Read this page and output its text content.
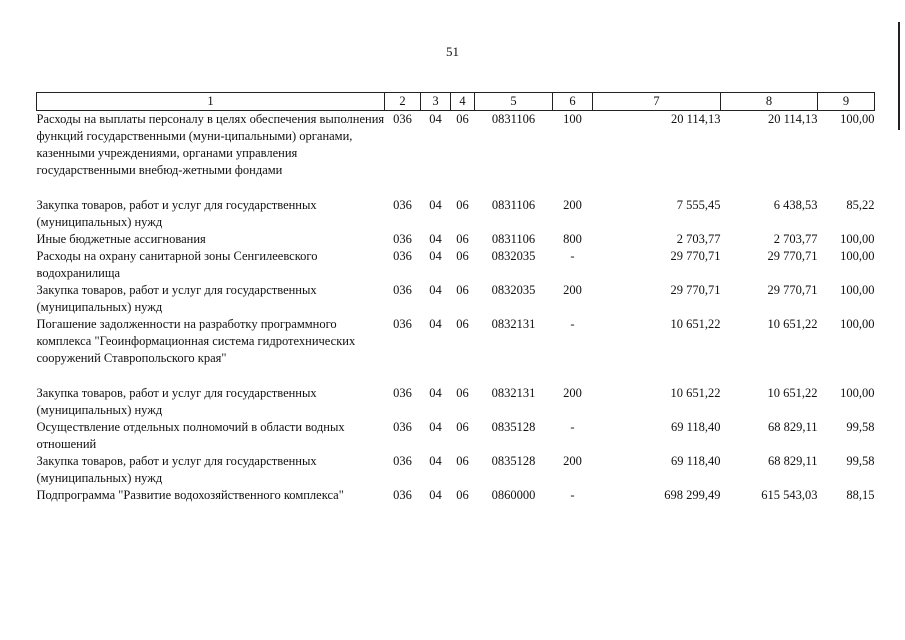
51
1	2	3	4	5	6	7	8	9
Расходы на выплаты персоналу в целях обеспечения выполнения функций государственными (муни-ципальными) органами, казенными учреждениями, органами управления государственными внебюд-жетными фондами	036	04	06	0831106	100	20 114,13	20 114,13	100,00

Закупка товаров, работ и услуг для государственных (муниципальных) нужд	036	04	06	0831106	200	7 555,45	6 438,53	85,22
Иные бюджетные ассигнования	036	04	06	0831106	800	2 703,77	2 703,77	100,00
Расходы на охрану санитарной зоны Сенгилеевского водохранилища	036	04	06	0832035	-	29 770,71	29 770,71	100,00
Закупка товаров, работ и услуг для государственных (муниципальных) нужд	036	04	06	0832035	200	29 770,71	29 770,71	100,00
Погашение задолженности на разработку программного комплекса "Геоинформационная система гидротехнических сооружений Ставропольского края"	036	04	06	0832131	-	10 651,22	10 651,22	100,00

Закупка товаров, работ и услуг для государственных (муниципальных) нужд	036	04	06	0832131	200	10 651,22	10 651,22	100,00
Осуществление отдельных полномочий в области водных отношений	036	04	06	0835128	-	69 118,40	68 829,11	99,58
Закупка товаров, работ и услуг для государственных (муниципальных) нужд	036	04	06	0835128	200	69 118,40	68 829,11	99,58
Подпрограмма "Развитие водохозяйственного комплекса"	036	04	06	0860000	-	698 299,49	615 543,03	88,15
